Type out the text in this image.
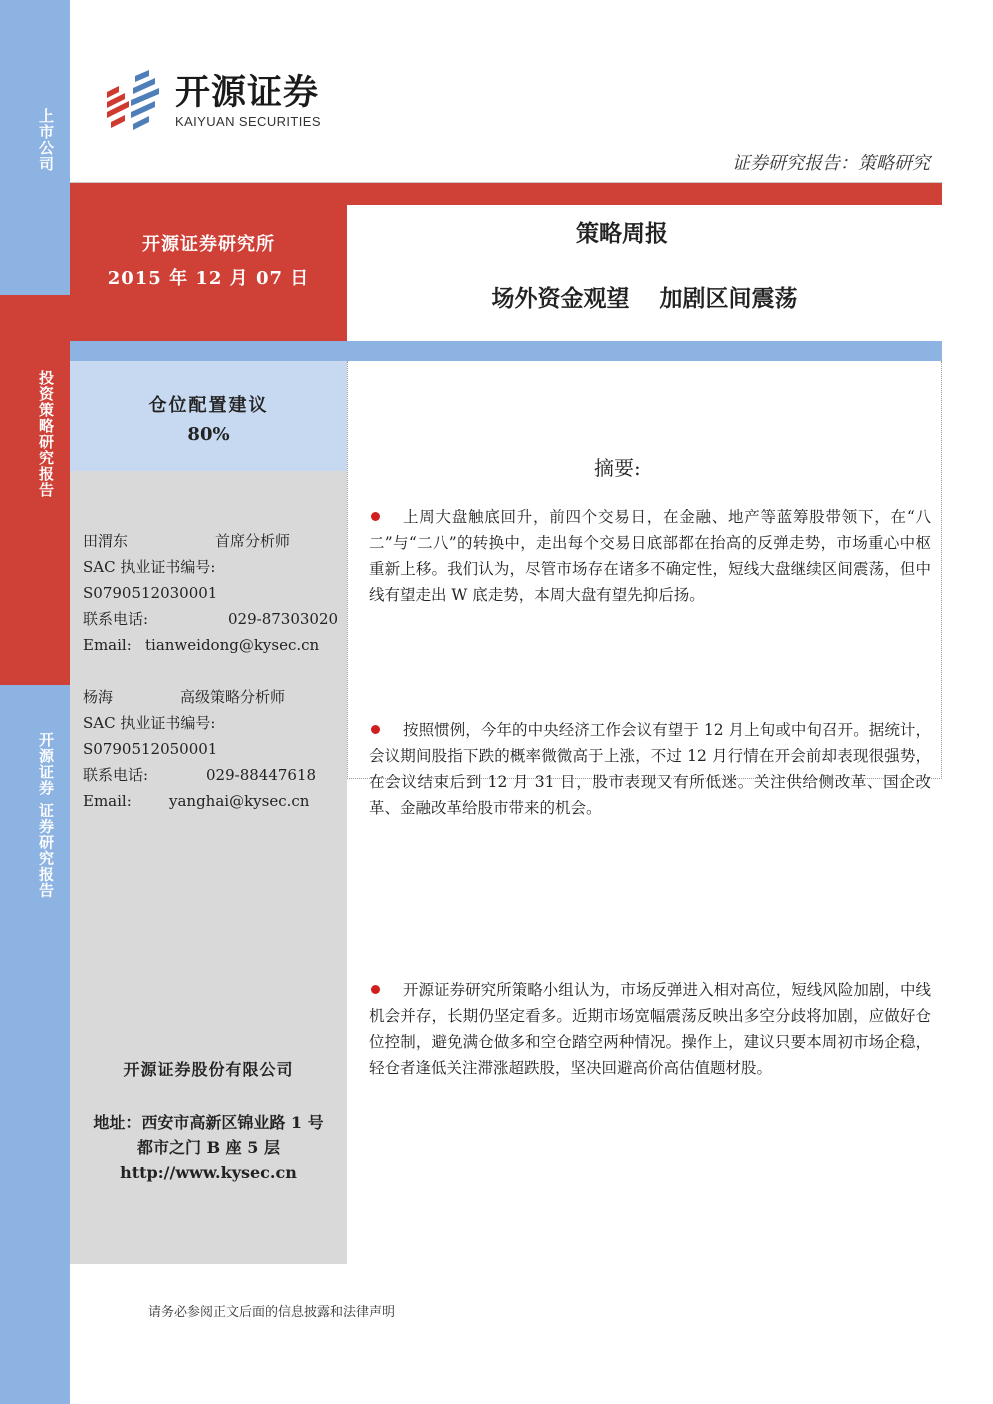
上市公司
投资策略研究报告
开源证券 证券研究报告
开源证券
KAIYUAN SECURITIES
证券研究报告：策略研究
开源证券研究所
2015 年 12 月 07 日
策略周报
场外资金观望 加剧区间震荡
仓位配置建议
80%
田渭东	首席分析师
SAC 执业证书编号:
S0790512030001
联系电话:	029-87303020
Email: tianweidong@kysec.cn
杨海	高级策略分析师
SAC 执业证书编号:
S0790512050001
联系电话:	029-88447618
Email: yanghai@kysec.cn
开源证券股份有限公司
地址：西安市高新区锦业路 1 号
都市之门 B 座 5 层
http://www.kysec.cn
摘要:
上周大盘触底回升，前四个交易日，在金融、地产等蓝筹股带领下，在“八二”与“二八”的转换中，走出每个交易日底部都在抬高的反弹走势，市场重心中枢重新上移。我们认为，尽管市场存在诸多不确定性，短线大盘继续区间震荡，但中线有望走出 W 底走势，本周大盘有望先抑后扬。
按照惯例，今年的中央经济工作会议有望于 12 月上旬或中旬召开。据统计，会议期间股指下跌的概率微微高于上涨，不过 12 月行情在开会前却表现很强势，在会议结束后到 12 月 31 日，股市表现又有所低迷。关注供给侧改革、国企改革、金融改革给股市带来的机会。
开源证券研究所策略小组认为，市场反弹进入相对高位，短线风险加剧，中线机会并存，长期仍坚定看多。近期市场宽幅震荡反映出多空分歧将加剧，应做好仓位控制，避免满仓做多和空仓踏空两种情况。操作上，建议只要本周初市场企稳，轻仓者逢低关注滞涨超跌股，坚决回避高价高估值题材股。
请务必参阅正文后面的信息披露和法律声明
